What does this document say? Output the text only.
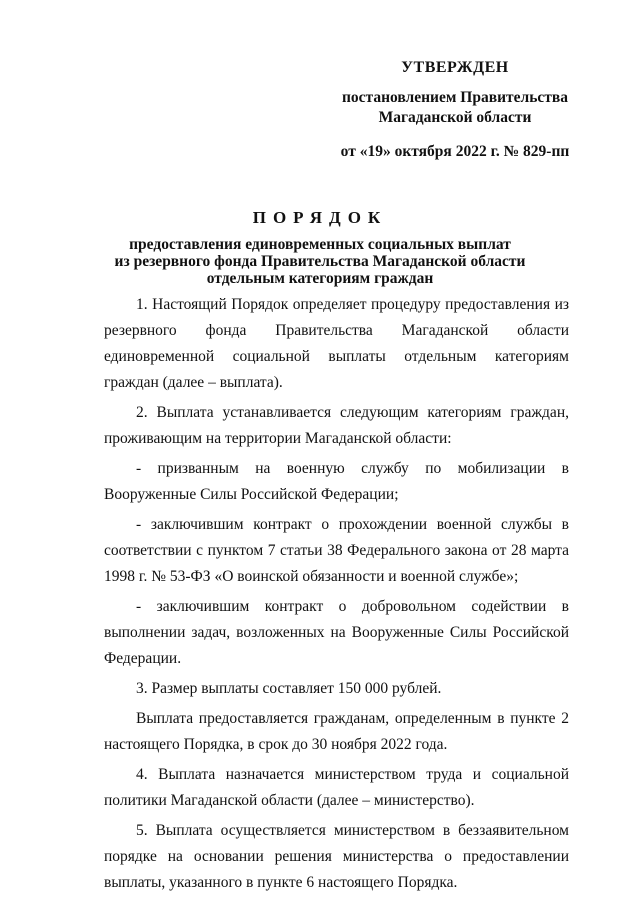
УТВЕРЖДЕН
постановлением Правительства
Магаданской области
от «19» октября 2022 г. № 829-пп
ПОРЯДОК
предоставления единовременных социальных выплат
из резервного фонда Правительства Магаданской области
отдельным категориям граждан

1. Настоящий Порядок определяет процедуру предоставления из резервного фонда Правительства Магаданской области единовременной социальной выплаты отдельным категориям граждан (далее – выплата).

2. Выплата устанавливается следующим категориям граждан, проживающим на территории Магаданской области:

- призванным на военную службу по мобилизации в Вооруженные Силы Российской Федерации;

- заключившим контракт о прохождении военной службы в соответствии с пунктом 7 статьи 38 Федерального закона от 28 марта 1998 г. № 53-ФЗ «О воинской обязанности и военной службе»;

- заключившим контракт о добровольном содействии в выполнении задач, возложенных на Вооруженные Силы Российской Федерации.

3. Размер выплаты составляет 150 000 рублей.

Выплата предоставляется гражданам, определенным в пункте 2 настоящего Порядка, в срок до 30 ноября 2022 года.

4. Выплата назначается министерством труда и социальной политики Магаданской области (далее – министерство).

5. Выплата осуществляется министерством в беззаявительном порядке на основании решения министерства о предоставлении выплаты, указанного в пункте 6 настоящего Порядка.
